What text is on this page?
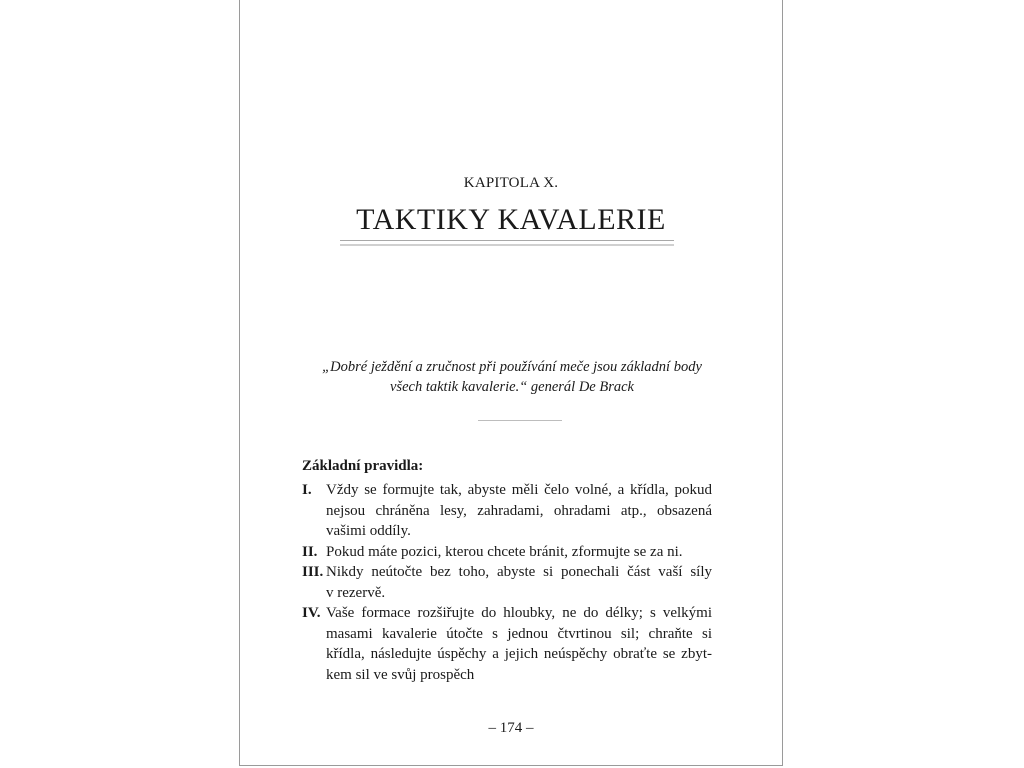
KAPITOLA X.
TAKTIKY KAVALERIE
„Dobré ježdění a zručnost při používání meče jsou základní body
všech taktik kavalerie.“ generál De Brack
Základní pravidla:
I. Vždy se formujte tak, abyste měli čelo volné, a křídla, pokud
nejsou chráněna lesy, zahradami, ohradami atp., obsazená
vašimi oddíly.
II. Pokud máte pozici, kterou chcete bránit, zformujte se za ni.
III. Nikdy neútočte bez toho, abyste si ponechali část vaší síly
v rezervě.
IV. Vaše formace rozšiřujte do hloubky, ne do délky; s velkými
masami kavalerie útočte s jednou čtvrtinou sil; chraňte si
křídla, následujte úspěchy a jejich neúspěchy obraťte se zbyt-
kem sil ve svůj prospěch
– 174 –
